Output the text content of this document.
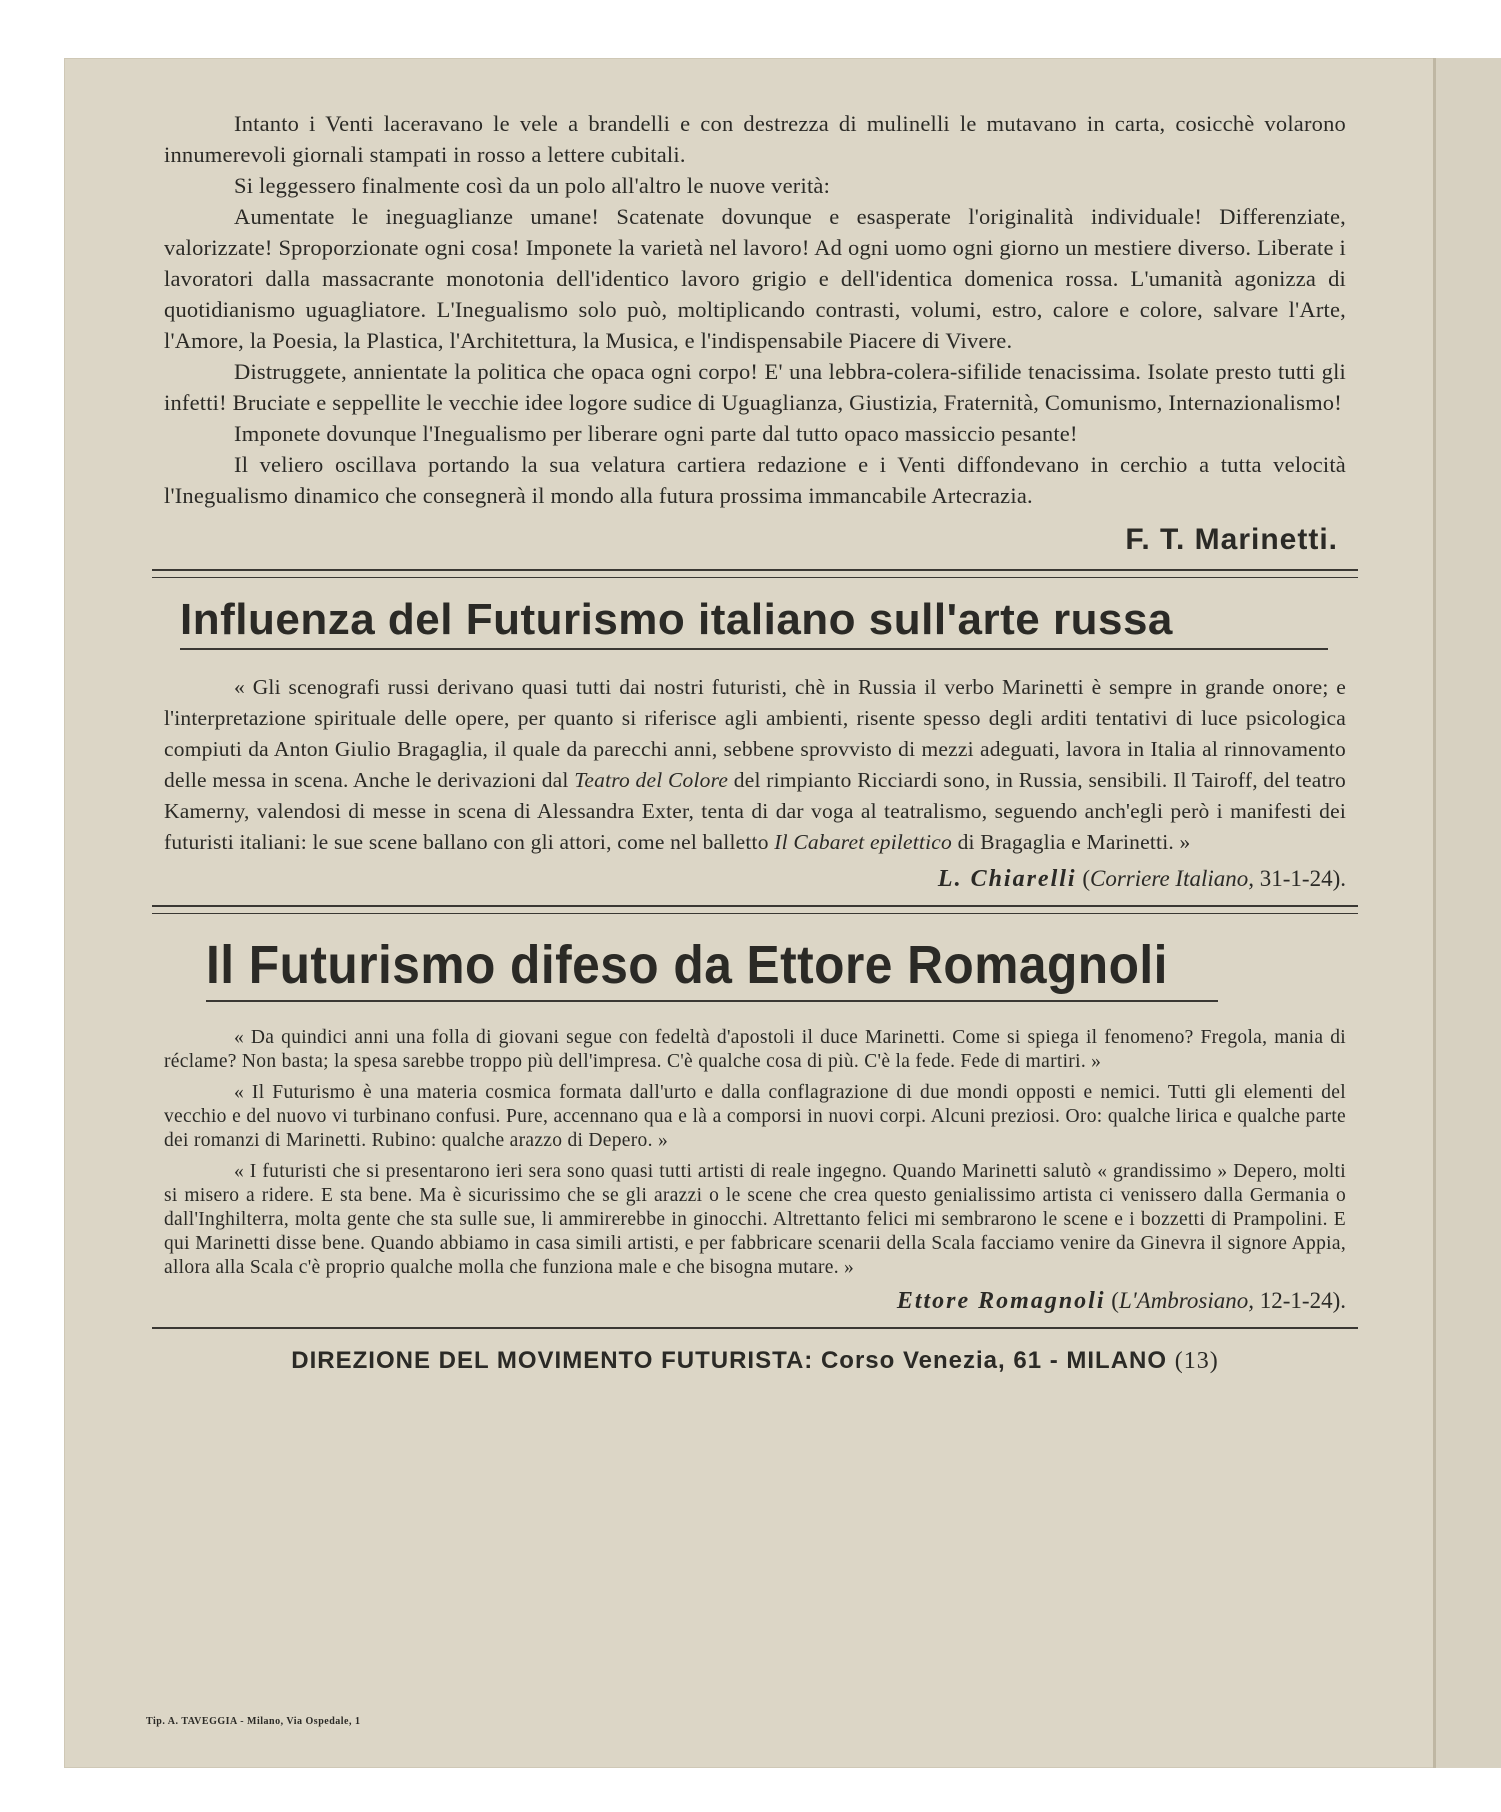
Intanto i Venti laceravano le vele a brandelli e con destrezza di mulinelli le mutavano in carta, cosicchè volarono innumerevoli giornali stampati in rosso a lettere cubitali.

Si leggessero finalmente così da un polo all'altro le nuove verità:

Aumentate le ineguaglianze umane! Scatenate dovunque e esasperate l'originalità individuale! Differenziate, valorizzate! Sproporzionate ogni cosa! Imponete la varietà nel lavoro! Ad ogni uomo ogni giorno un mestiere diverso. Liberate i lavoratori dalla massacrante monotonia dell'identico lavoro grigio e dell'identica domenica rossa. L'umanità agonizza di quotidianismo uguagliatore. L'Inegualismo solo può, moltiplicando contrasti, volumi, estro, calore e colore, salvare l'Arte, l'Amore, la Poesia, la Plastica, l'Architettura, la Musica, e l'indispensabile Piacere di Vivere.

Distruggete, annientate la politica che opaca ogni corpo! E' una lebbra-colera-sifilide tenacissima. Isolate presto tutti gli infetti! Bruciate e seppellite le vecchie idee logore sudice di Uguaglianza, Giustizia, Fraternità, Comunismo, Internazionalismo!

Imponete dovunque l'Inegualismo per liberare ogni parte dal tutto opaco massiccio pesante!

Il veliero oscillava portando la sua velatura cartiera redazione e i Venti diffondevano in cerchio a tutta velocità l'Inegualismo dinamico che consegnerà il mondo alla futura prossima immancabile Artecrazia.

F. T. Marinetti.
Influenza del Futurismo italiano sull'arte russa

« Gli scenografi russi derivano quasi tutti dai nostri futuristi, chè in Russia il verbo Marinetti è sempre in grande onore; e l'interpretazione spirituale delle opere, per quanto si riferisce agli ambienti, risente spesso degli arditi tentativi di luce psicologica compiuti da Anton Giulio Bragaglia, il quale da parecchi anni, sebbene sprovvisto di mezzi adeguati, lavora in Italia al rinnovamento delle messa in scena. Anche le derivazioni dal Teatro del Colore del rimpianto Ricciardi sono, in Russia, sensibili. Il Tairoff, del teatro Kamerny, valendosi di messe in scena di Alessandra Exter, tenta di dar voga al teatralismo, seguendo anch'egli però i manifesti dei futuristi italiani: le sue scene ballano con gli attori, come nel balletto Il Cabaret epilettico di Bragaglia e Marinetti. »

L. Chiarelli (Corriere Italiano, 31-1-24).
Il Futurismo difeso da Ettore Romagnoli

« Da quindici anni una folla di giovani segue con fedeltà d'apostoli il duce Marinetti. Come si spiega il fenomeno? Fregola, mania di réclame? Non basta; la spesa sarebbe troppo più dell'impresa. C'è qualche cosa di più. C'è la fede. Fede di martiri. »

« Il Futurismo è una materia cosmica formata dall'urto e dalla conflagrazione di due mondi opposti e nemici. Tutti gli elementi del vecchio e del nuovo vi turbinano confusi. Pure, accennano qua e là a comporsi in nuovi corpi. Alcuni preziosi. Oro: qualche lirica e qualche parte dei romanzi di Marinetti. Rubino: qualche arazzo di Depero. »

« I futuristi che si presentarono ieri sera sono quasi tutti artisti di reale ingegno. Quando Marinetti salutò « grandissimo » Depero, molti si misero a ridere. E sta bene. Ma è sicurissimo che se gli arazzi o le scene che crea questo genialissimo artista ci venissero dalla Germania o dall'Inghilterra, molta gente che sta sulle sue, li ammirerebbe in ginocchi. Altrettanto felici mi sembrarono le scene e i bozzetti di Prampolini. E qui Marinetti disse bene. Quando abbiamo in casa simili artisti, e per fabbricare scenarii della Scala facciamo venire da Ginevra il signore Appia, allora alla Scala c'è proprio qualche molla che funziona male e che bisogna mutare. »

Ettore Romagnoli (L'Ambrosiano, 12-1-24).
DIREZIONE DEL MOVIMENTO FUTURISTA: Corso Venezia, 61 - MILANO (13)
Tip. A. TAVEGGIA - Milano, Via Ospedale, 1
